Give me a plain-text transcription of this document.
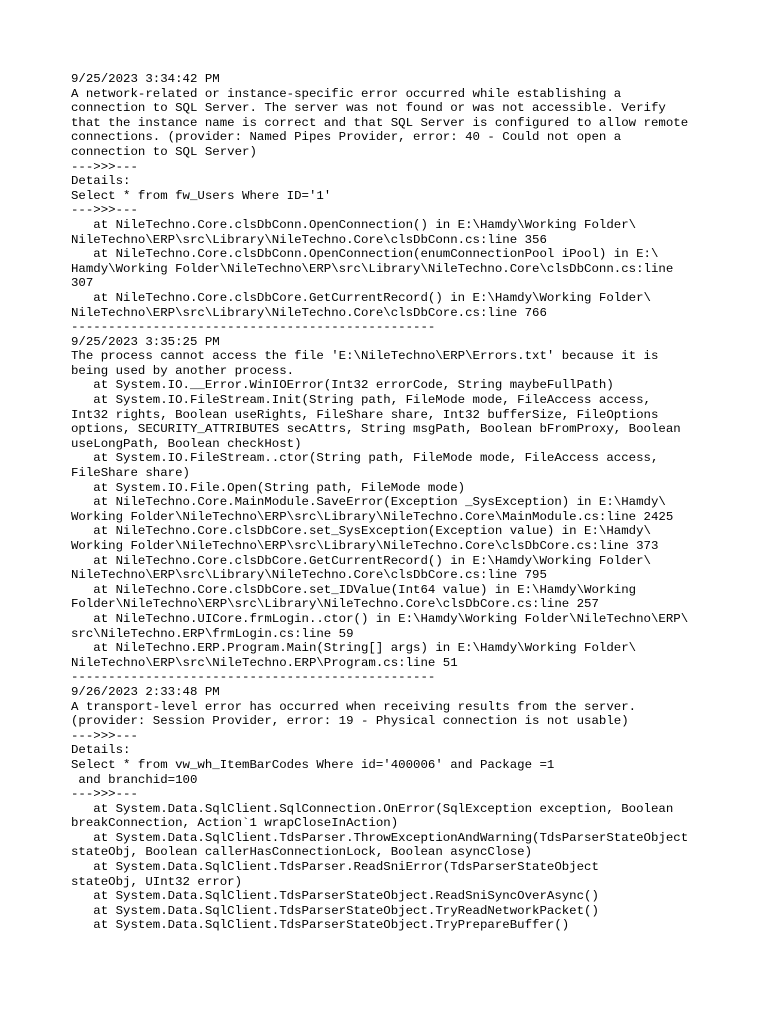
9/25/2023 3:34:42 PM
A network-related or instance-specific error occurred while establishing a
connection to SQL Server. The server was not found or was not accessible. Verify
that the instance name is correct and that SQL Server is configured to allow remote
connections. (provider: Named Pipes Provider, error: 40 - Could not open a
connection to SQL Server)
--->>>---
Details:
Select * from fw_Users Where ID='1'
--->>>---
at NileTechno.Core.clsDbConn.OpenConnection() in E:\Hamdy\Working Folder\
NileTechno\ERP\src\Library\NileTechno.Core\clsDbConn.cs:line 356
at NileTechno.Core.clsDbConn.OpenConnection(enumConnectionPool iPool) in E:\
Hamdy\Working Folder\NileTechno\ERP\src\Library\NileTechno.Core\clsDbConn.cs:line
307
at NileTechno.Core.clsDbCore.GetCurrentRecord() in E:\Hamdy\Working Folder\
NileTechno\ERP\src\Library\NileTechno.Core\clsDbCore.cs:line 766
-------------------------------------------------
9/25/2023 3:35:25 PM
The process cannot access the file 'E:\NileTechno\ERP\Errors.txt' because it is
being used by another process.
at System.IO.__Error.WinIOError(Int32 errorCode, String maybeFullPath)
at System.IO.FileStream.Init(String path, FileMode mode, FileAccess access,
Int32 rights, Boolean useRights, FileShare share, Int32 bufferSize, FileOptions
options, SECURITY_ATTRIBUTES secAttrs, String msgPath, Boolean bFromProxy, Boolean
useLongPath, Boolean checkHost)
at System.IO.FileStream..ctor(String path, FileMode mode, FileAccess access,
FileShare share)
at System.IO.File.Open(String path, FileMode mode)
at NileTechno.Core.MainModule.SaveError(Exception _SysException) in E:\Hamdy\
Working Folder\NileTechno\ERP\src\Library\NileTechno.Core\MainModule.cs:line 2425
at NileTechno.Core.clsDbCore.set_SysException(Exception value) in E:\Hamdy\
Working Folder\NileTechno\ERP\src\Library\NileTechno.Core\clsDbCore.cs:line 373
at NileTechno.Core.clsDbCore.GetCurrentRecord() in E:\Hamdy\Working Folder\
NileTechno\ERP\src\Library\NileTechno.Core\clsDbCore.cs:line 795
at NileTechno.Core.clsDbCore.set_IDValue(Int64 value) in E:\Hamdy\Working
Folder\NileTechno\ERP\src\Library\NileTechno.Core\clsDbCore.cs:line 257
at NileTechno.UICore.frmLogin..ctor() in E:\Hamdy\Working Folder\NileTechno\ERP\
src\NileTechno.ERP\frmLogin.cs:line 59
at NileTechno.ERP.Program.Main(String[] args) in E:\Hamdy\Working Folder\
NileTechno\ERP\src\NileTechno.ERP\Program.cs:line 51
-------------------------------------------------
9/26/2023 2:33:48 PM
A transport-level error has occurred when receiving results from the server.
(provider: Session Provider, error: 19 - Physical connection is not usable)
--->>>---
Details:
Select * from vw_wh_ItemBarCodes Where id='400006' and Package =1
and branchid=100
--->>>---
at System.Data.SqlClient.SqlConnection.OnError(SqlException exception, Boolean
breakConnection, Action`1 wrapCloseInAction)
at System.Data.SqlClient.TdsParser.ThrowExceptionAndWarning(TdsParserStateObject
stateObj, Boolean callerHasConnectionLock, Boolean asyncClose)
at System.Data.SqlClient.TdsParser.ReadSniError(TdsParserStateObject
stateObj, UInt32 error)
at System.Data.SqlClient.TdsParserStateObject.ReadSniSyncOverAsync()
at System.Data.SqlClient.TdsParserStateObject.TryReadNetworkPacket()
at System.Data.SqlClient.TdsParserStateObject.TryPrepareBuffer()
